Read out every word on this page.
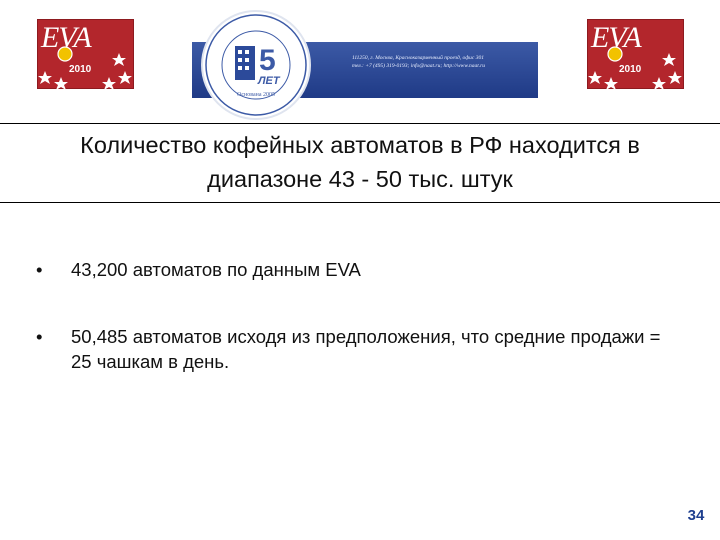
EVA
2010	5
ЛЕТ
Основана 2005
111250, г. Москва, Красноказарменный проезд, офис 301
тел.: +7 (495) 319-0193; info@naat.ru; http://www.naat.ru
EVA
2010
Количество кофейных автоматов в РФ находится в
диапазоне 43 - 50 тыс. штук
• 43,200 автоматов по данным EVA
• 50,485 автоматов исходя из предположения, что средние продажи = 25 чашкам в день.
34
